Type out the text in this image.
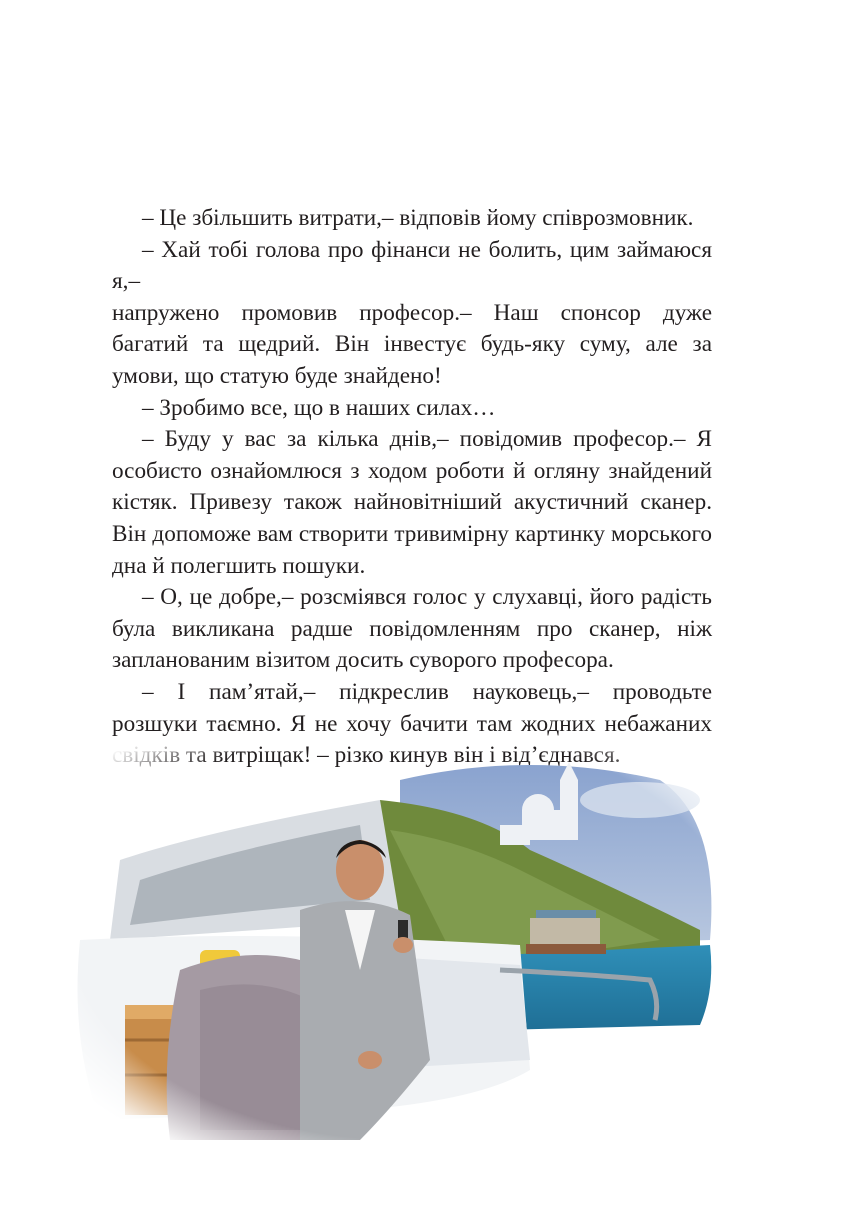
– Це збільшить витрати,– відповів йому співрозмовник.

– Хай тобі голова про фінанси не болить, цим займаюся я,–

напружено промовив професор.– Наш спонсор дуже багатий та щедрий. Він інвестує будь-яку суму, але за умови, що статую буде знайдено!

– Зробимо все, що в наших силах…

– Буду у вас за кілька днів,– повідомив професор.– Я особисто ознайомлюся з ходом роботи й огляну знайдений кістяк. Привезу також найновітніший акустичний сканер. Він допоможе вам створити тривимірну картинку морського дна й полегшить пошуки.

– О, це добре,– розсміявся голос у слухавці, його радість була викликана радше повідомленням про сканер, ніж запланованим візитом досить суворого професора.

– І пам’ятай,– підкреслив науковець,– проводьте розшуки таємно. Я не хочу бачити там жодних небажаних
